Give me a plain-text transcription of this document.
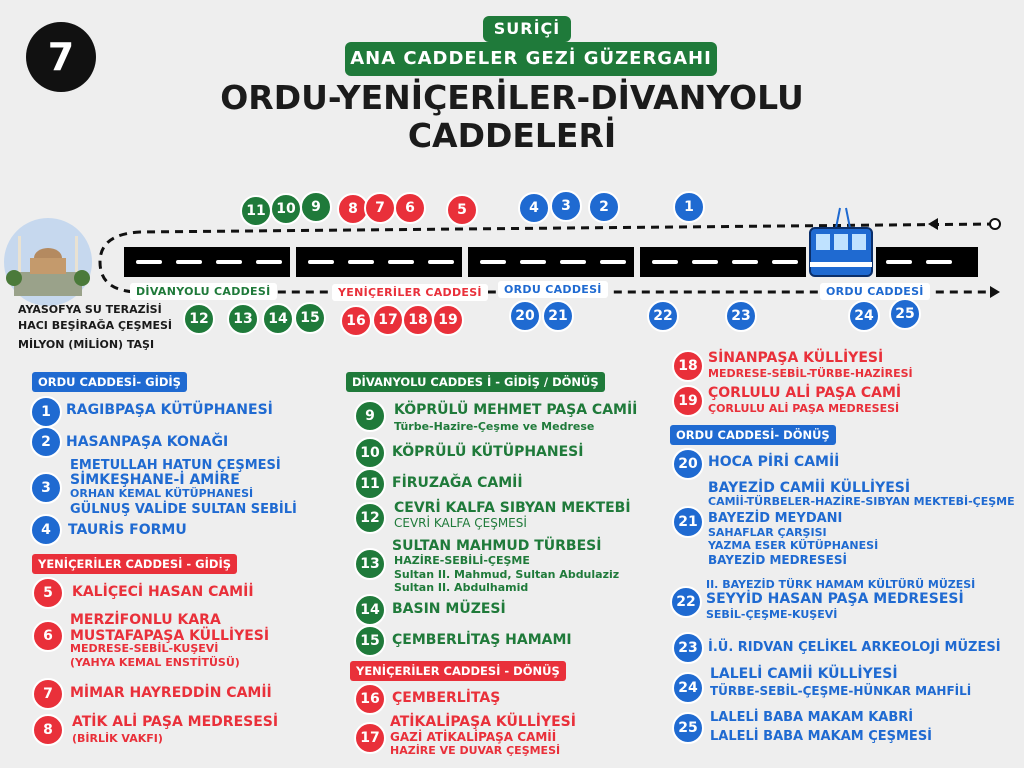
7
SURİÇİ
ANA CADDELER GEZİ GÜZERGAHI
ORDU-YENİÇERİLER-DİVANYOLU
CADDELERİ
AYASOFYA SU TERAZİSİ
HACI BEŞİRAĞA ÇEŞMESİ
MİLYON (MİLİON) TAŞI
DİVANYOLU CADDESİ	YENİÇERİLER CADDESİ	ORDU CADDESİ	ORDU CADDESİ
11 10	9	8	7	6	5	4	3	2	1
12	13	14 15	16 17 18 19	20 21	22	23	24	25
ORDU CADDESİ- GİDİŞ
1	RAGIBPAŞA KÜTÜPHANESİ
2	HASANPAŞA KONAĞI
3
EMETULLAH HATUN ÇEŞMESİ
SİMKEŞHANE-İ AMİRE
ORHAN KEMAL KÜTÜPHANESİ
GÜLNUŞ VALİDE SULTAN SEBİLİ
4	TAURİS FORMU
YENİÇERİLER CADDESİ - GİDİŞ
5	KALİÇECİ HASAN CAMİİ
6
MERZİFONLU KARA
MUSTAFAPAŞA KÜLLİYESİ
MEDRESE-SEBİL-KUŞEVİ
(YAHYA KEMAL ENSTİTÜSÜ)
7	MİMAR HAYREDDİN CAMİİ
8	ATİK ALİ PAŞA MEDRESESİ
(BİRLİK VAKFI)
DİVANYOLU CADDES İ - GİDİŞ / DÖNÜŞ
9	KÖPRÜLÜ MEHMET PAŞA CAMİİ
Türbe-Hazire-Çeşme ve Medrese
10 KÖPRÜLÜ KÜTÜPHANESİ
11 FİRUZAĞA CAMİİ
12
CEVRİ KALFA SIBYAN MEKTEBİ
CEVRİ KALFA ÇEŞMESİ
13
SULTAN MAHMUD TÜRBESİ
HAZİRE-SEBİLİ-ÇEŞME
Sultan II. Mahmud, Sultan Abdulaziz
Sultan II. Abdulhamid
14 BASIN MÜZESİ
15 ÇEMBERLİTAŞ HAMAMI
YENİÇERİLER CADDESİ - DÖNÜŞ
16 ÇEMBERLİTAŞ
17
ATİKALİPAŞA KÜLLİYESİ
GAZİ ATİKALİPAŞA CAMİİ
HAZİRE VE DUVAR ÇEŞMESİ
18 SİNANPAŞA KÜLLİYESİ
MEDRESE-SEBİL-TÜRBE-HAZİRESİ
19 ÇORLULU ALİ PAŞA CAMİ
ÇORLULU ALİ PAŞA MEDRESESİ
ORDU CADDESİ- DÖNÜŞ
20 HOCA PİRİ CAMİİ
21
BAYEZİD CAMİİ KÜLLİYESİ
CAMİİ-TÜRBELER-HAZİRE-SIBYAN MEKTEBİ-ÇEŞME
BAYEZİD MEYDANI
SAHAFLAR ÇARŞISI
YAZMA ESER KÜTÜPHANESİ
BAYEZİD MEDRESESİ
22
II. BAYEZİD TÜRK HAMAM KÜLTÜRÜ MÜZESİ
SEYYİD HASAN PAŞA MEDRESESİ
SEBİL-ÇEŞME-KUŞEVİ
23 İ.Ü. RIDVAN ÇELİKEL ARKEOLOJİ MÜZESİ
24
LALELİ CAMİİ KÜLLİYESİ
TÜRBE-SEBİL-ÇEŞME-HÜNKAR MAHFİLİ
25
LALELİ BABA MAKAM KABRİ
LALELİ BABA MAKAM ÇEŞMESİ
